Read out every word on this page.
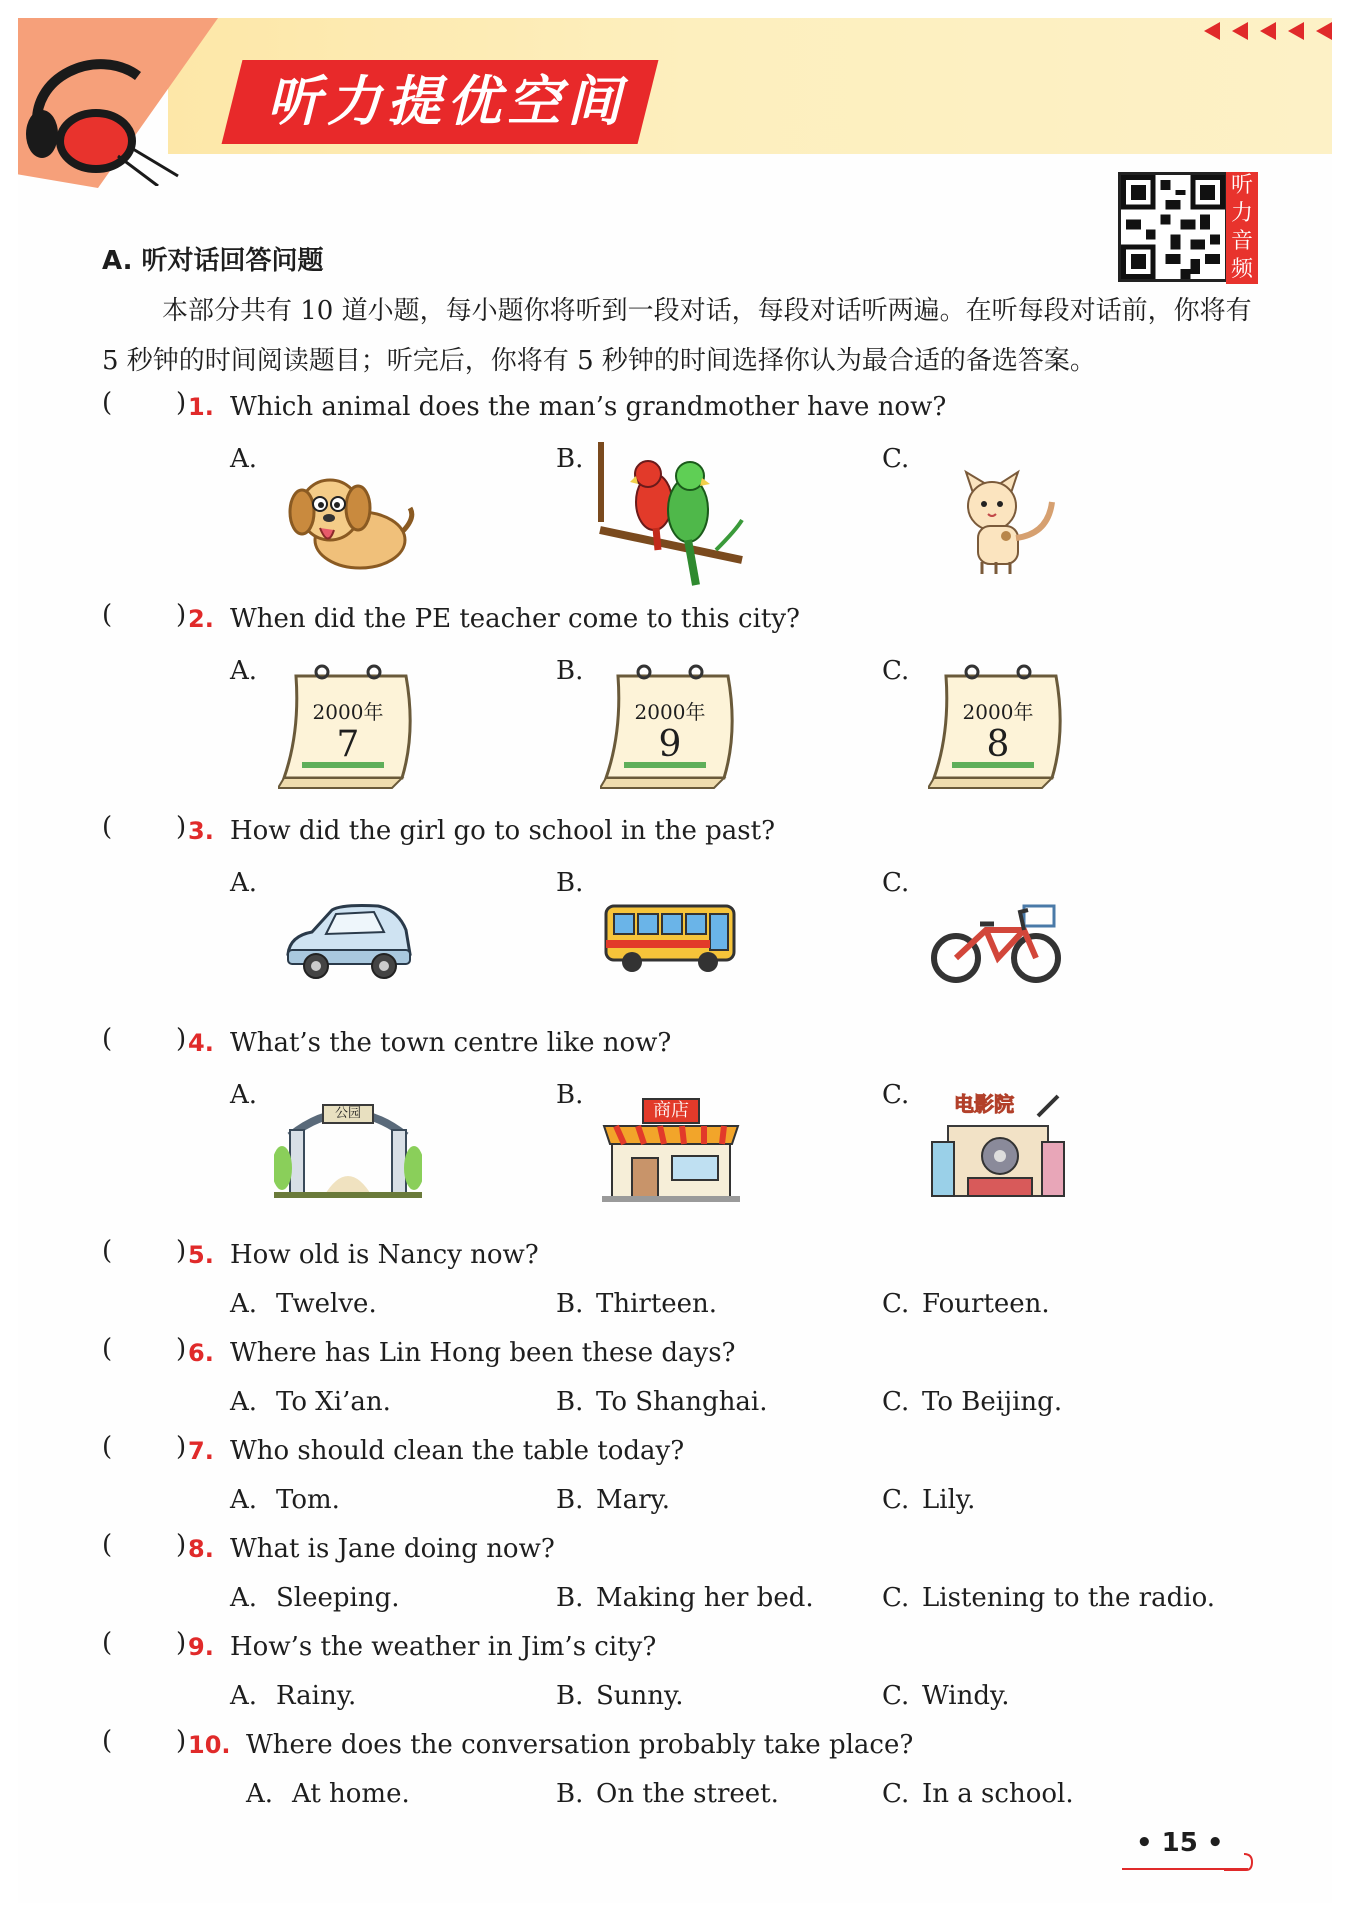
听力提优空间
听力音频
A. 听对话回答问题
本部分共有 10 道小题，每小题你将听到一段对话，每段对话听两遍。在听每段对话前，你将有 5 秒钟的时间阅读题目；听完后，你将有 5 秒钟的时间选择你认为最合适的备选答案。
( ) 1. Which animal does the man’s grandmother have now?
A.	B.	C.
( ) 2. When did the PE teacher come to this city?
A.	B.	C.
2000年
7
2000年
9
2000年
8
( ) 3. How did the girl go to school in the past?
A.	B.	C.
( ) 4. What’s the town centre like now?
A.	B.	C.
公园	商店	电影院
( ) 5. How old is Nancy now?
A. Twelve.	B. Thirteen.	C. Fourteen.
( ) 6. Where has Lin Hong been these days?
A. To Xi’an.	B. To Shanghai.	C. To Beijing.
( ) 7. Who should clean the table today?
A. Tom.	B. Mary.	C. Lily.
( ) 8. What is Jane doing now?
A. Sleeping.	B. Making her bed.	C. Listening to the radio.
( ) 9. How’s the weather in Jim’s city?
A. Rainy.	B. Sunny.	C. Windy.
( ) 10. Where does the conversation probably take place?
A. At home.	B. On the street.	C. In a school.
• 15 •
